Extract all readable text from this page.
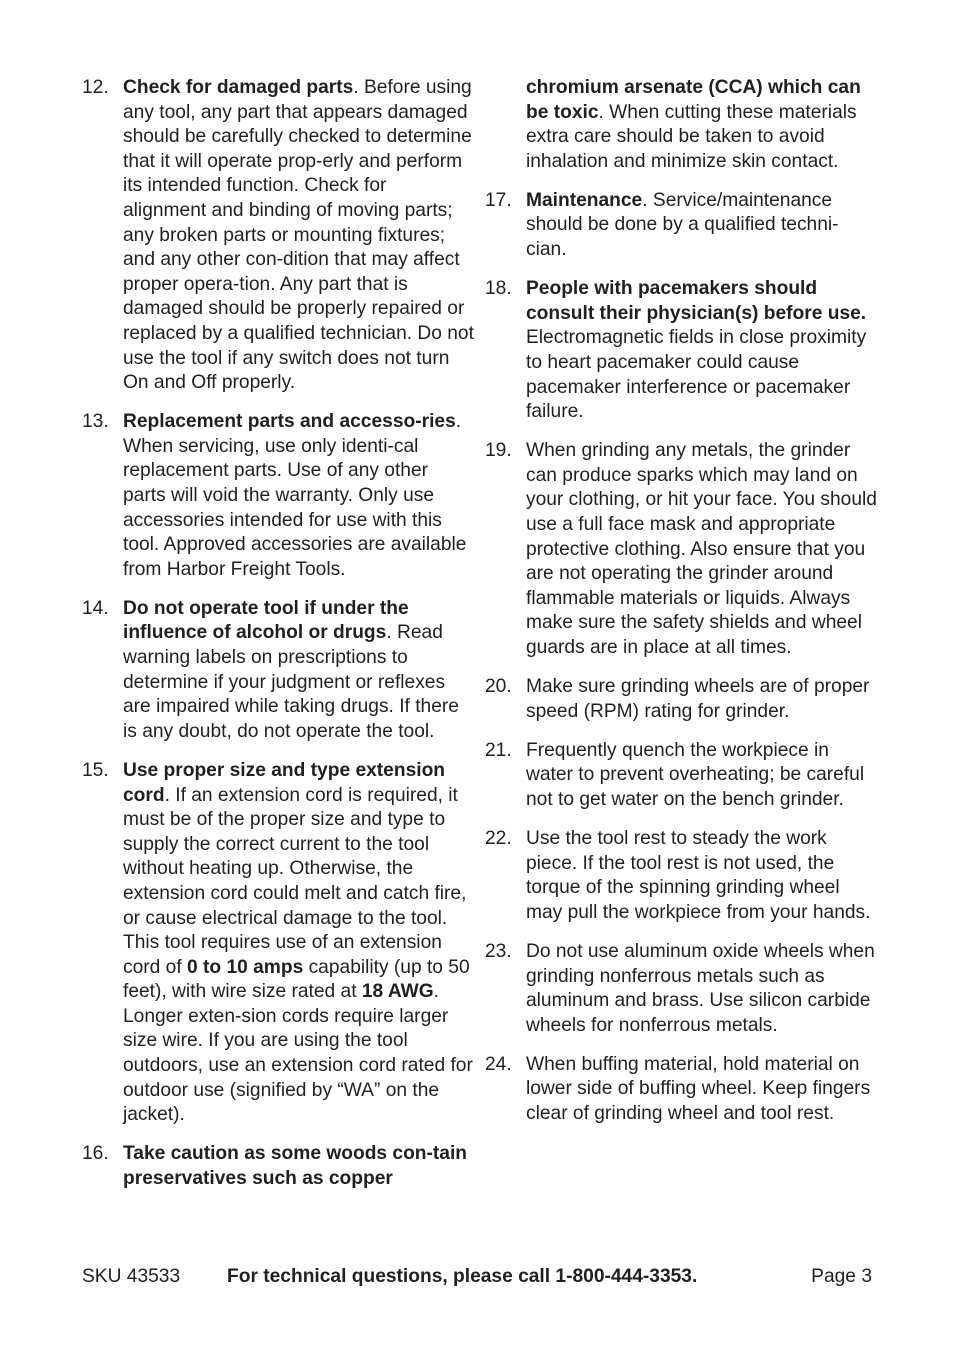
12. Check for damaged parts. Before using any tool, any part that appears damaged should be carefully checked to determine that it will operate prop-erly and perform its intended function. Check for alignment and binding of moving parts; any broken parts or mounting fixtures; and any other con-dition that may affect proper opera-tion. Any part that is damaged should be properly repaired or replaced by a qualified technician. Do not use the tool if any switch does not turn On and Off properly.
13. Replacement parts and accesso-ries. When servicing, use only identi-cal replacement parts. Use of any other parts will void the warranty. Only use accessories intended for use with this tool. Approved accessories are available from Harbor Freight Tools.
14. Do not operate tool if under the influence of alcohol or drugs. Read warning labels on prescriptions to determine if your judgment or reflexes are impaired while taking drugs. If there is any doubt, do not operate the tool.
15. Use proper size and type extension cord. If an extension cord is required, it must be of the proper size and type to supply the correct current to the tool without heating up. Otherwise, the extension cord could melt and catch fire, or cause electrical damage to the tool. This tool requires use of an extension cord of 0 to 10 amps capability (up to 50 feet), with wire size rated at 18 AWG. Longer exten-sion cords require larger size wire. If you are using the tool outdoors, use an extension cord rated for outdoor use (signified by “WA” on the jacket).
16. Take caution as some woods con-tain preservatives such as copper
chromium arsenate (CCA) which can be toxic. When cutting these materials extra care should be taken to avoid inhalation and minimize skin contact.
17. Maintenance. Service/maintenance should be done by a qualified techni-cian.
18. People with pacemakers should consult their physician(s) before use. Electromagnetic fields in close proximity to heart pacemaker could cause pacemaker interference or pacemaker failure.
19. When grinding any metals, the grinder can produce sparks which may land on your clothing, or hit your face. You should use a full face mask and appropriate protective clothing. Also ensure that you are not operating the grinder around flammable materials or liquids. Always make sure the safety shields and wheel guards are in place at all times.
20. Make sure grinding wheels are of proper speed (RPM) rating for grinder.
21. Frequently quench the workpiece in water to prevent overheating; be careful not to get water on the bench grinder.
22. Use the tool rest to steady the work piece. If the tool rest is not used, the torque of the spinning grinding wheel may pull the workpiece from your hands.
23. Do not use aluminum oxide wheels when grinding nonferrous metals such as aluminum and brass. Use silicon carbide wheels for nonferrous metals.
24. When buffing material, hold material on lower side of buffing wheel. Keep fingers clear of grinding wheel and tool rest.
SKU 43533 For technical questions, please call 1-800-444-3353.	Page 3
